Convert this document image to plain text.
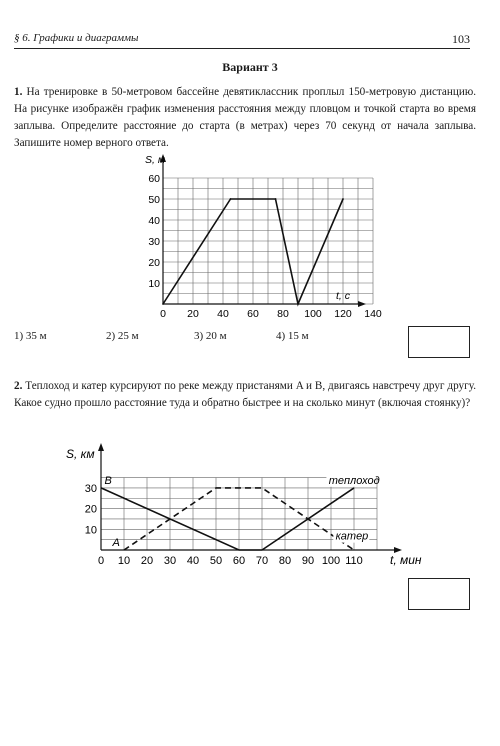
§ 6. Графики и диаграммы	103
Вариант 3
1. На тренировке в 50-метровом бассейне девятиклассник проплыл 150-метровую дистанцию. На рисунке изображён график изменения расстояния между пловцом и точкой старта во время заплыва. Определите расстояние до старта (в метрах) через 70 секунд от начала заплыва. Запишите номер верного ответа.
0 20 40 60 80 100 120 140
10
20
30
40
50
60
S, м
t, с
1) 35 м	2) 25 м	3) 20 м	4) 15 м
2. Теплоход и катер курсируют по реке между пристанями A и B, двигаясь навстречу друг другу. Какое судно прошло расстояние туда и обратно быстрее и на сколько минут (включая стоянку)?
0 10 20 30 40 50 60 70 80 90 100 110
10
20
30
S, км
t, мин
A
B	теплоход
катер
